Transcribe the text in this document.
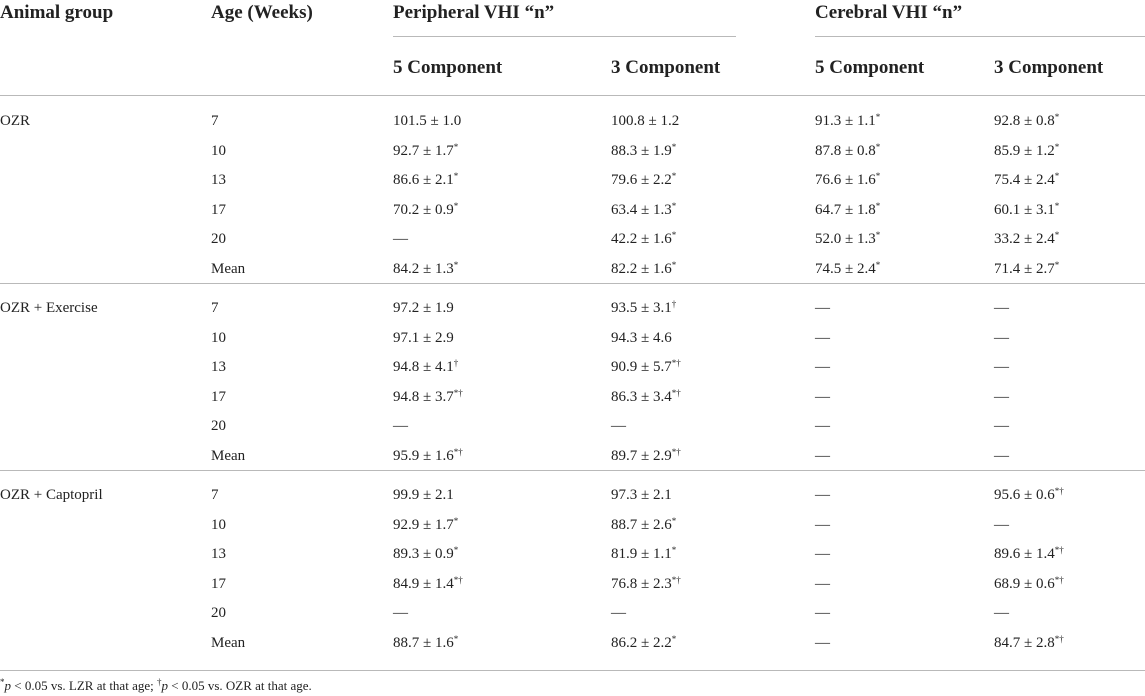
Animal group	Age (Weeks)	Peripheral VHI “n”	Cerebral VHI “n”
5 Component	3 Component	5 Component	3 Component
OZR	7	101.5 ± 1.0	100.8 ± 1.2	91.3 ± 1.1*	92.8 ± 0.8*
10	92.7 ± 1.7*	88.3 ± 1.9*	87.8 ± 0.8*	85.9 ± 1.2*
13	86.6 ± 2.1*	79.6 ± 2.2*	76.6 ± 1.6*	75.4 ± 2.4*
17	70.2 ± 0.9*	63.4 ± 1.3*	64.7 ± 1.8*	60.1 ± 3.1*
20	—	42.2 ± 1.6*	52.0 ± 1.3*	33.2 ± 2.4*
Mean	84.2 ± 1.3*	82.2 ± 1.6*	74.5 ± 2.4*	71.4 ± 2.7*
OZR + Exercise	7	97.2 ± 1.9	93.5 ± 3.1†	—	—
10	97.1 ± 2.9	94.3 ± 4.6	—	—
13	94.8 ± 4.1†	90.9 ± 5.7*†	—	—
17	94.8 ± 3.7*†	86.3 ± 3.4*†	—	—
20	—	—	—	—
Mean	95.9 ± 1.6*†	89.7 ± 2.9*†	—	—
OZR + Captopril	7	99.9 ± 2.1	97.3 ± 2.1	—	95.6 ± 0.6*†
10	92.9 ± 1.7*	88.7 ± 2.6*	—	—
13	89.3 ± 0.9*	81.9 ± 1.1*	—	89.6 ± 1.4*†
17	84.9 ± 1.4*†	76.8 ± 2.3*†	—	68.9 ± 0.6*†
20	—	—	—	—
Mean	88.7 ± 1.6*	86.2 ± 2.2*	—	84.7 ± 2.8*†
*p < 0.05 vs. LZR at that age; †p < 0.05 vs. OZR at that age.
